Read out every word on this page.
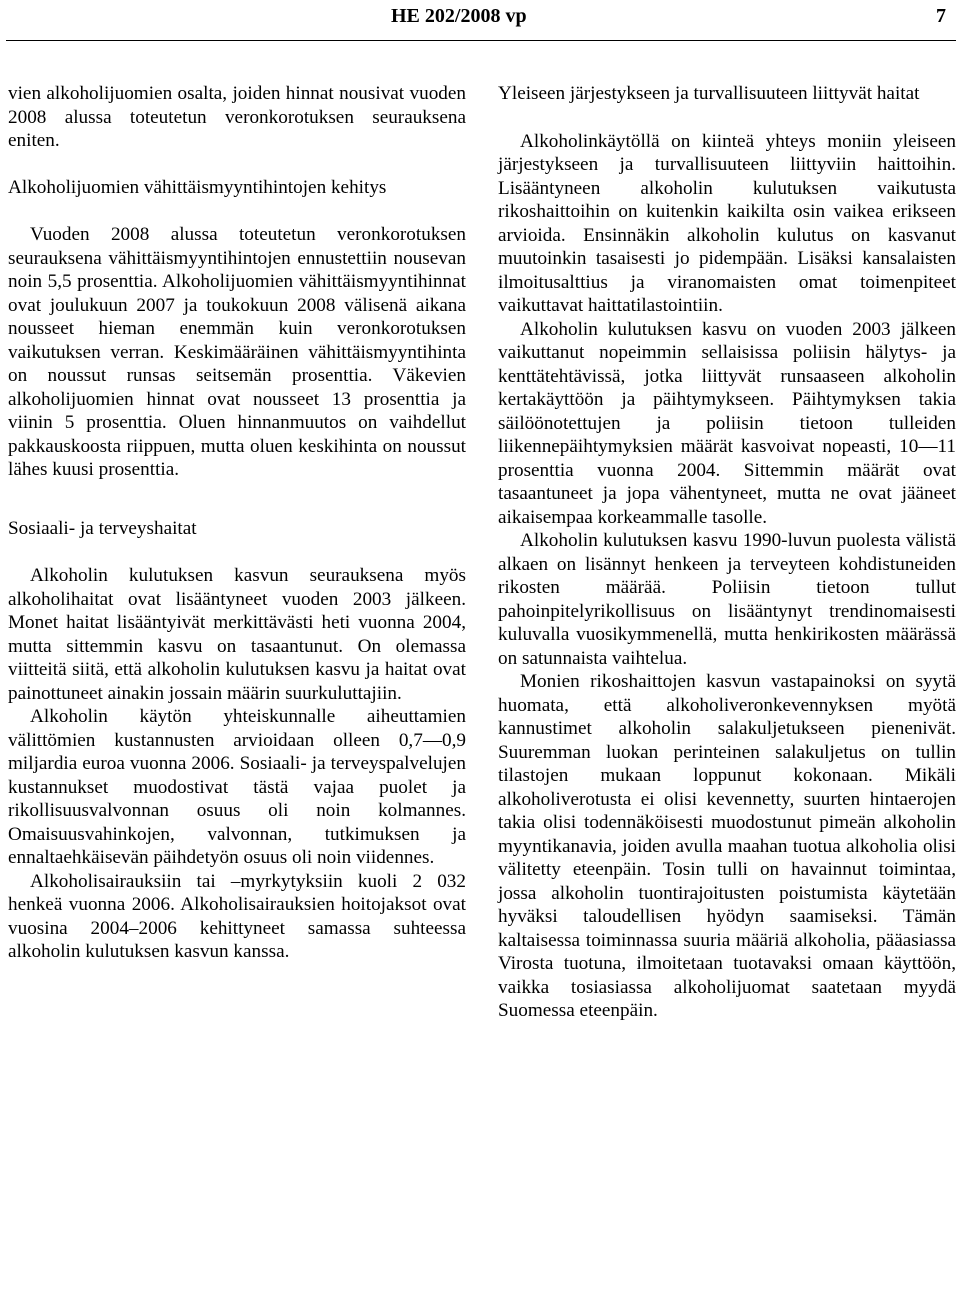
HE 202/2008 vp	7

vien alkoholijuomien osalta, joiden hinnat nousivat vuoden 2008 alussa toteutetun veronkorotuksen seurauksena eniten.

Alkoholijuomien vähittäismyyntihintojen kehitys

Vuoden 2008 alussa toteutetun veronkorotuksen seurauksena vähittäismyyntihintojen ennustettiin nousevan noin 5,5 prosenttia. Alkoholijuomien vähittäismyyntihinnat ovat joulukuun 2007 ja toukokuun 2008 välisenä aikana nousseet hieman enemmän kuin veronkorotuksen vaikutuksen verran. Keskimääräinen vähittäismyyntihinta on noussut runsas seitsemän prosenttia. Väkevien alkoholijuomien hinnat ovat nousseet 13 prosenttia ja viinin 5 prosenttia. Oluen hinnanmuutos on vaihdellut pakkauskoosta riippuen, mutta oluen keskihinta on noussut lähes kuusi prosenttia.

Sosiaali- ja terveyshaitat

Alkoholin kulutuksen kasvun seurauksena myös alkoholihaitat ovat lisääntyneet vuoden 2003 jälkeen. Monet haitat lisääntyivät merkittävästi heti vuonna 2004, mutta sittemmin kasvu on tasaantunut. On olemassa viitteitä siitä, että alkoholin kulutuksen kasvu ja haitat ovat painottuneet ainakin jossain määrin suurkuluttajiin.

Alkoholin käytön yhteiskunnalle aiheuttamien välittömien kustannusten arvioidaan olleen 0,7—0,9 miljardia euroa vuonna 2006. Sosiaali- ja terveyspalvelujen kustannukset muodostivat tästä vajaa puolet ja rikollisuusvalvonnan osuus oli noin kolmannes. Omaisuusvahinkojen, valvonnan, tutkimuksen ja ennaltaehkäisevän päihdetyön osuus oli noin viidennes.

Alkoholisairauksiin tai –myrkytyksiin kuoli 2 032 henkeä vuonna 2006. Alkoholisairauksien hoitojaksot ovat vuosina 2004–2006 kehittyneet samassa suhteessa alkoholin kulutuksen kasvun kanssa.

Yleiseen järjestykseen ja turvallisuuteen liittyvät haitat

Alkoholinkäytöllä on kiinteä yhteys moniin yleiseen järjestykseen ja turvallisuuteen liittyviin haittoihin. Lisääntyneen alkoholin kulutuksen vaikutusta rikoshaittoihin on kuitenkin kaikilta osin vaikea erikseen arvioida. Ensinnäkin alkoholin kulutus on kasvanut muutoinkin tasaisesti jo pidempään. Lisäksi kansalaisten ilmoitusalttius ja viranomaisten omat toimenpiteet vaikuttavat haittatilastointiin.

Alkoholin kulutuksen kasvu on vuoden 2003 jälkeen vaikuttanut nopeimmin sellaisissa poliisin hälytys- ja kenttätehtävissä, jotka liittyvät runsaaseen alkoholin kertakäyttöön ja päihtymykseen. Päihtymyksen takia säilöönotettujen ja poliisin tietoon tulleiden liikennepäihtymyksien määrät kasvoivat nopeasti, 10—11 prosenttia vuonna 2004. Sittemmin määrät ovat tasaantuneet ja jopa vähentyneet, mutta ne ovat jääneet aikaisempaa korkeammalle tasolle.

Alkoholin kulutuksen kasvu 1990-luvun puolesta välistä alkaen on lisännyt henkeen ja terveyteen kohdistuneiden rikosten määrää. Poliisin tietoon tullut pahoinpitelyrikollisuus on lisääntynyt trendinomaisesti kuluvalla vuosikymmenellä, mutta henkirikosten määrässä on satunnaista vaihtelua.

Monien rikoshaittojen kasvun vastapainoksi on syytä huomata, että alkoholiveronkevennyksen myötä kannustimet alkoholin salakuljetukseen pienenivät. Suuremman luokan perinteinen salakuljetus on tullin tilastojen mukaan loppunut kokonaan. Mikäli alkoholiverotusta ei olisi kevennetty, suurten hintaerojen takia olisi todennäköisesti muodostunut pimeän alkoholin myyntikanavia, joiden avulla maahan tuotua alkoholia olisi välitetty eteenpäin. Tosin tulli on havainnut toimintaa, jossa alkoholin tuontirajoitusten poistumista käytetään hyväksi taloudellisen hyödyn saamiseksi. Tämän kaltaisessa toiminnassa suuria määriä alkoholia, pääasiassa Virosta tuotuna, ilmoitetaan tuotavaksi omaan käyttöön, vaikka tosiasiassa alkoholijuomat saatetaan myydä Suomessa eteenpäin.
